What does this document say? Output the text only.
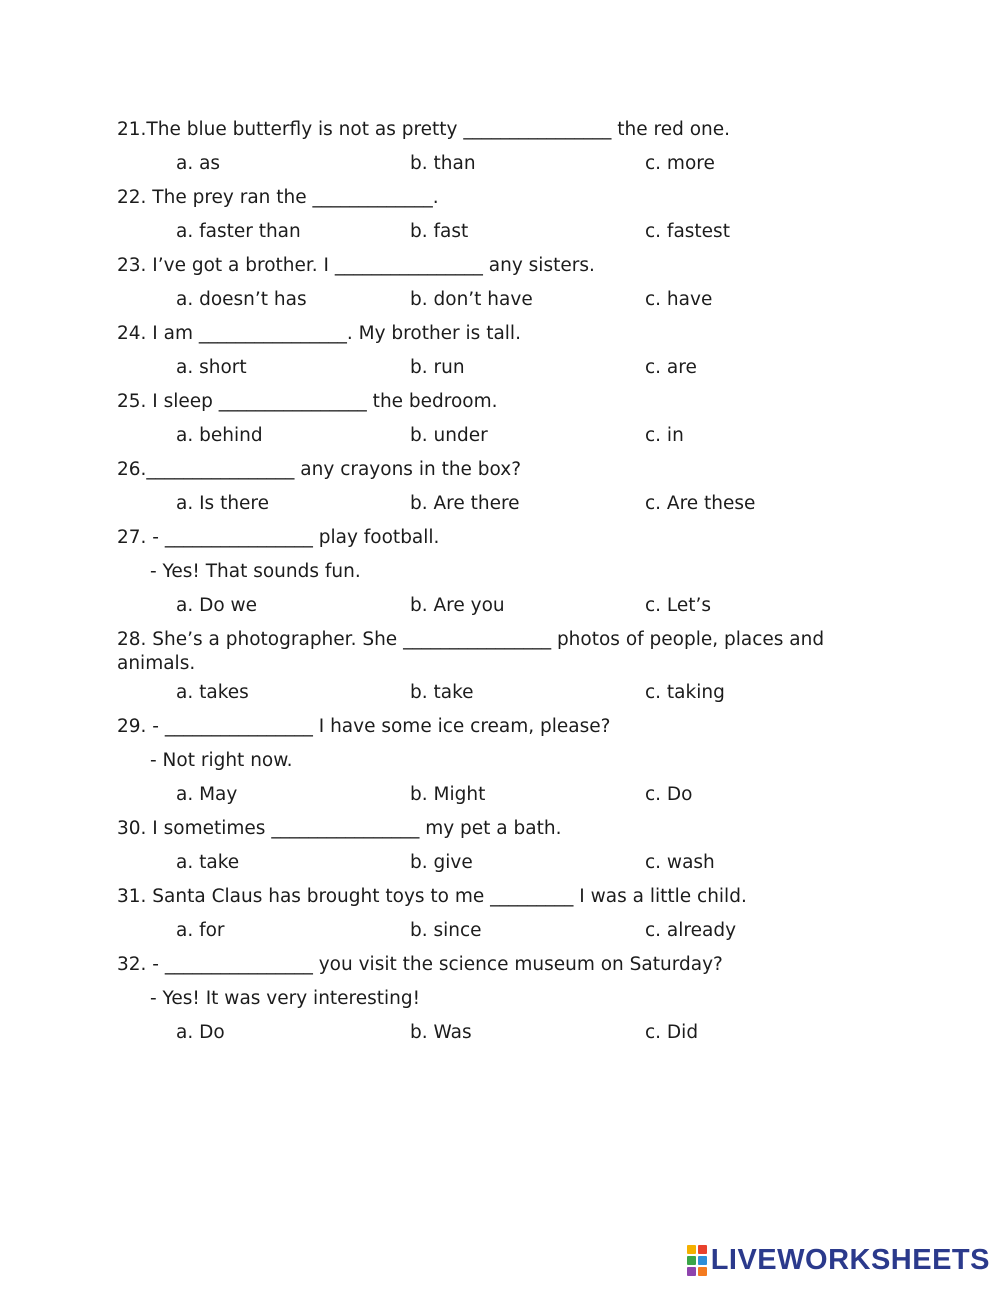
21.The blue butterfly is not as pretty ________________ the red one.
a. as	b. than	c. more
22. The prey ran the _____________.
a. faster than	b. fast	c. fastest
23. I’ve got a brother. I ________________ any sisters.
a. doesn’t has	b. don’t have	c. have
24. I am ________________. My brother is tall.
a. short	b. run	c. are
25. I sleep ________________ the bedroom.
a. behind	b. under	c. in
26.________________ any crayons in the box?
a. Is there	b. Are there	c. Are these
27. - ________________ play football.
- Yes! That sounds fun.
a. Do we	b. Are you	c. Let’s
28. She’s a photographer. She ________________ photos of people, places and animals.
a. takes	b. take	c. taking
29. - ________________ I have some ice cream, please?
- Not right now.
a. May	b. Might	c. Do
30. I sometimes ________________ my pet a bath.
a. take	b. give	c. wash
31. Santa Claus has brought toys to me _________ I was a little child.
a. for	b. since	c. already
32. - ________________ you visit the science museum on Saturday?
- Yes! It was very interesting!
a. Do	b. Was	c. Did
LIVEWORKSHEETS
